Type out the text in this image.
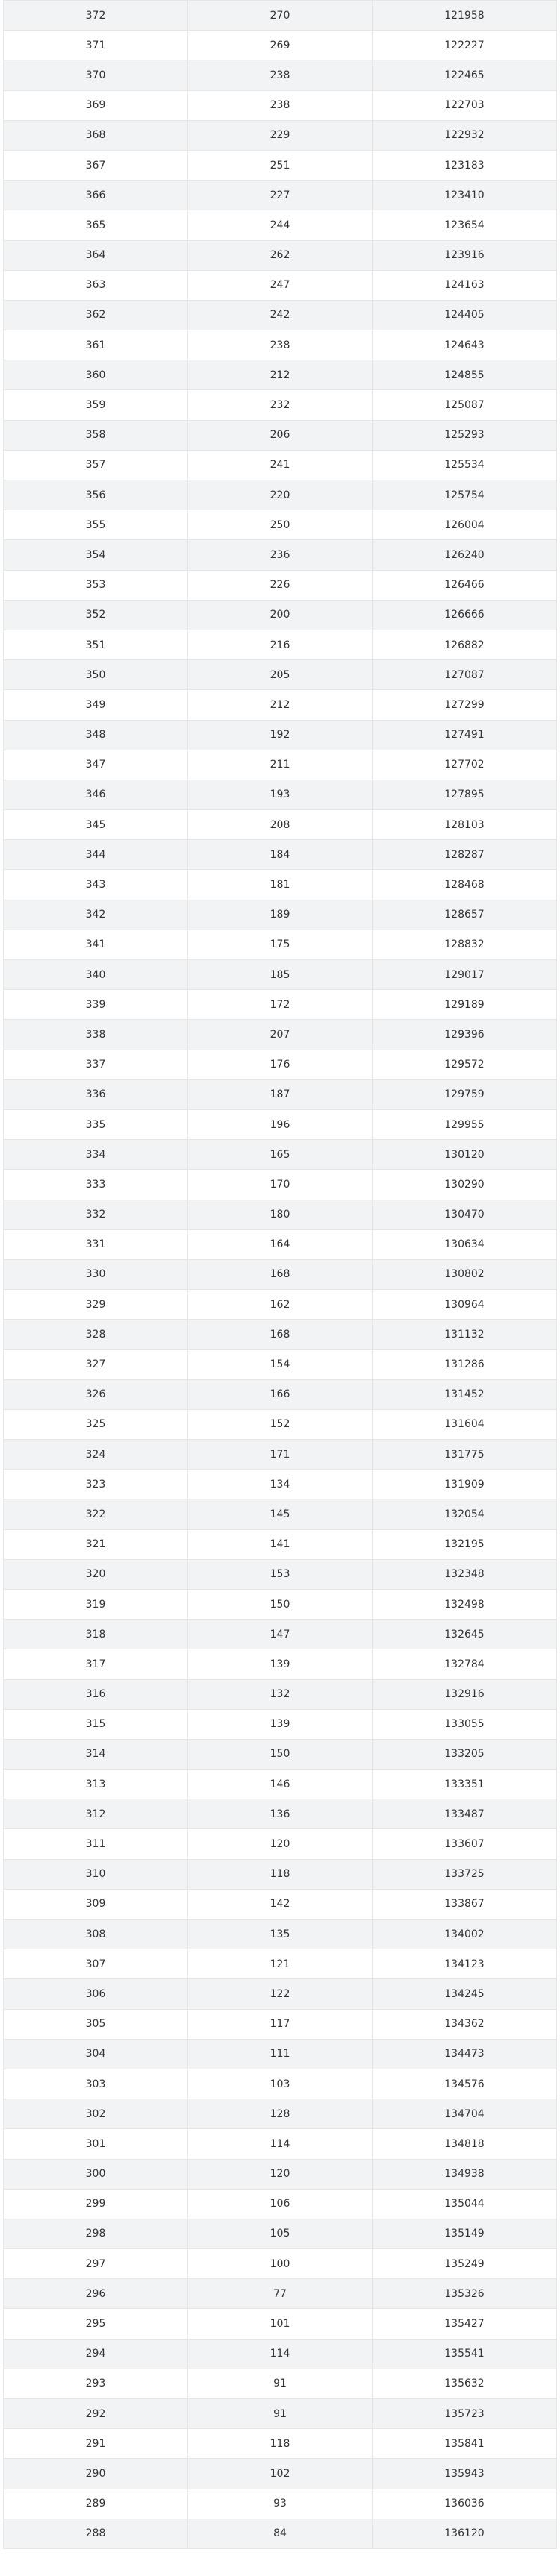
372	270	121958
371	269	122227
370	238	122465
369	238	122703
368	229	122932
367	251	123183
366	227	123410
365	244	123654
364	262	123916
363	247	124163
362	242	124405
361	238	124643
360	212	124855
359	232	125087
358	206	125293
357	241	125534
356	220	125754
355	250	126004
354	236	126240
353	226	126466
352	200	126666
351	216	126882
350	205	127087
349	212	127299
348	192	127491
347	211	127702
346	193	127895
345	208	128103
344	184	128287
343	181	128468
342	189	128657
341	175	128832
340	185	129017
339	172	129189
338	207	129396
337	176	129572
336	187	129759
335	196	129955
334	165	130120
333	170	130290
332	180	130470
331	164	130634
330	168	130802
329	162	130964
328	168	131132
327	154	131286
326	166	131452
325	152	131604
324	171	131775
323	134	131909
322	145	132054
321	141	132195
320	153	132348
319	150	132498
318	147	132645
317	139	132784
316	132	132916
315	139	133055
314	150	133205
313	146	133351
312	136	133487
311	120	133607
310	118	133725
309	142	133867
308	135	134002
307	121	134123
306	122	134245
305	117	134362
304	111	134473
303	103	134576
302	128	134704
301	114	134818
300	120	134938
299	106	135044
298	105	135149
297	100	135249
296	77	135326
295	101	135427
294	114	135541
293	91	135632
292	91	135723
291	118	135841
290	102	135943
289	93	136036
288	84	136120
